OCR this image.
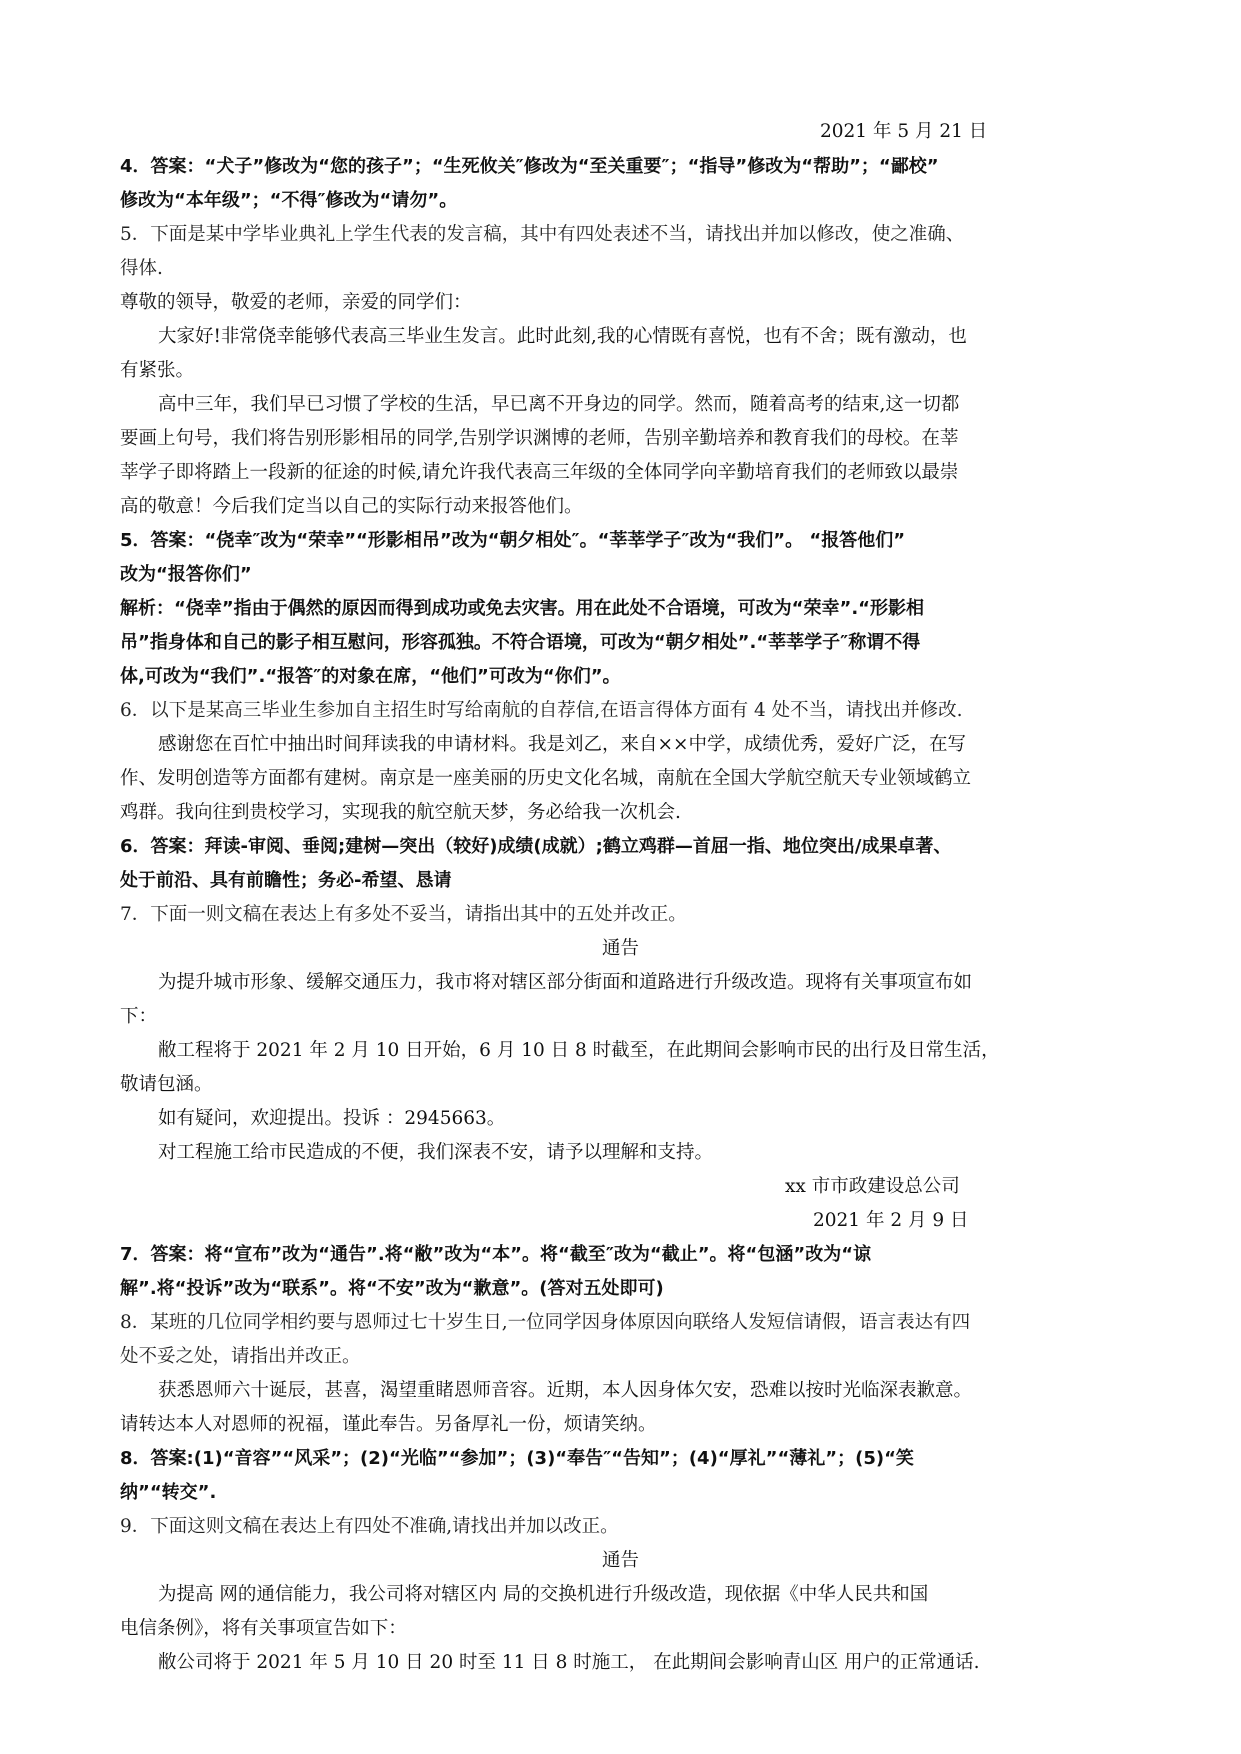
2021 年 5 月 21 日
4．答案：“犬子”修改为“您的孩子”；“生死攸关″修改为“至关重要″；“指导”修改为“帮助”；“鄙校”
修改为“本年级”；“不得″修改为“请勿”。
5．下面是某中学毕业典礼上学生代表的发言稿，其中有四处表述不当，请找出并加以修改，使之准确、
得体.
尊敬的领导，敬爱的老师，亲爱的同学们：
大家好!非常侥幸能够代表高三毕业生发言。此时此刻,我的心情既有喜悦，也有不舍；既有激动，也
有紧张。
高中三年，我们早已习惯了学校的生活，早已离不开身边的同学。然而，随着高考的结束,这一切都
要画上句号，我们将告别形影相吊的同学,告别学识渊博的老师，告别辛勤培养和教育我们的母校。在莘
莘学子即将踏上一段新的征途的时候,请允许我代表高三年级的全体同学向辛勤培育我们的老师致以最崇
高的敬意！今后我们定当以自己的实际行动来报答他们。
5．答案：“侥幸″改为“荣幸”“形影相吊”改为“朝夕相处″。“莘莘学子″改为“我们”。 “报答他们”
改为“报答你们”
解析：“侥幸”指由于偶然的原因而得到成功或免去灾害。用在此处不合语境，可改为“荣幸”.“形影相
吊”指身体和自己的影子相互慰问，形容孤独。不符合语境，可改为“朝夕相处”.“莘莘学子″称谓不得
体,可改为“我们”.“报答″的对象在席，“他们”可改为“你们”。
6．以下是某高三毕业生参加自主招生时写给南航的自荐信,在语言得体方面有 4 处不当，请找出并修改.
感谢您在百忙中抽出时间拜读我的申请材料。我是刘乙，来自××中学，成绩优秀，爱好广泛，在写
作、发明创造等方面都有建树。南京是一座美丽的历史文化名城，南航在全国大学航空航天专业领域鹤立
鸡群。我向往到贵校学习，实现我的航空航天梦，务必给我一次机会.
6．答案：拜读-审阅、垂阅;建树—突出（较好)成绩(成就）;鹤立鸡群—首屈一指、地位突出/成果卓著、
处于前沿、具有前瞻性；务必-希望、恳请
7．下面一则文稿在表达上有多处不妥当，请指出其中的五处并改正。
通告
为提升城市形象、缓解交通压力，我市将对辖区部分街面和道路进行升级改造。现将有关事项宣布如
下：
敝工程将于 2021 年 2 月 10 日开始，6 月 10 日 8 时截至，在此期间会影响市民的出行及日常生活，
敬请包涵。
如有疑问，欢迎提出。投诉 ：2945663。
对工程施工给市民造成的不便，我们深表不安，请予以理解和支持。
xx 市市政建设总公司
2021 年 2 月 9 日
7．答案：将“宣布”改为“通告”.将“敝”改为“本”。将“截至″改为“截止”。将“包涵”改为“谅
解”.将“投诉”改为“联系”。将“不安”改为“歉意”。(答对五处即可)
8．某班的几位同学相约要与恩师过七十岁生日,一位同学因身体原因向联络人发短信请假，语言表达有四
处不妥之处，请指出并改正。
获悉恩师六十诞辰，甚喜，渴望重睹恩师音容。近期，本人因身体欠安，恐难以按时光临深表歉意。
请转达本人对恩师的祝福，谨此奉告。另备厚礼一份，烦请笑纳。
8．答案:(1)“音容”“风采”；(2)“光临”“参加”；(3)“奉告″“告知”；(4)“厚礼”“薄礼”；(5)“笑
纳”“转交”.
9．下面这则文稿在表达上有四处不准确,请找出并加以改正。
通告
为提高 网的通信能力，我公司将对辖区内 局的交换机进行升级改造，现依据《中华人民共和国
电信条例》，将有关事项宣告如下：
敝公司将于 2021 年 5 月 10 日 20 时至 11 日 8 时施工， 在此期间会影响青山区 用户的正常通话.
